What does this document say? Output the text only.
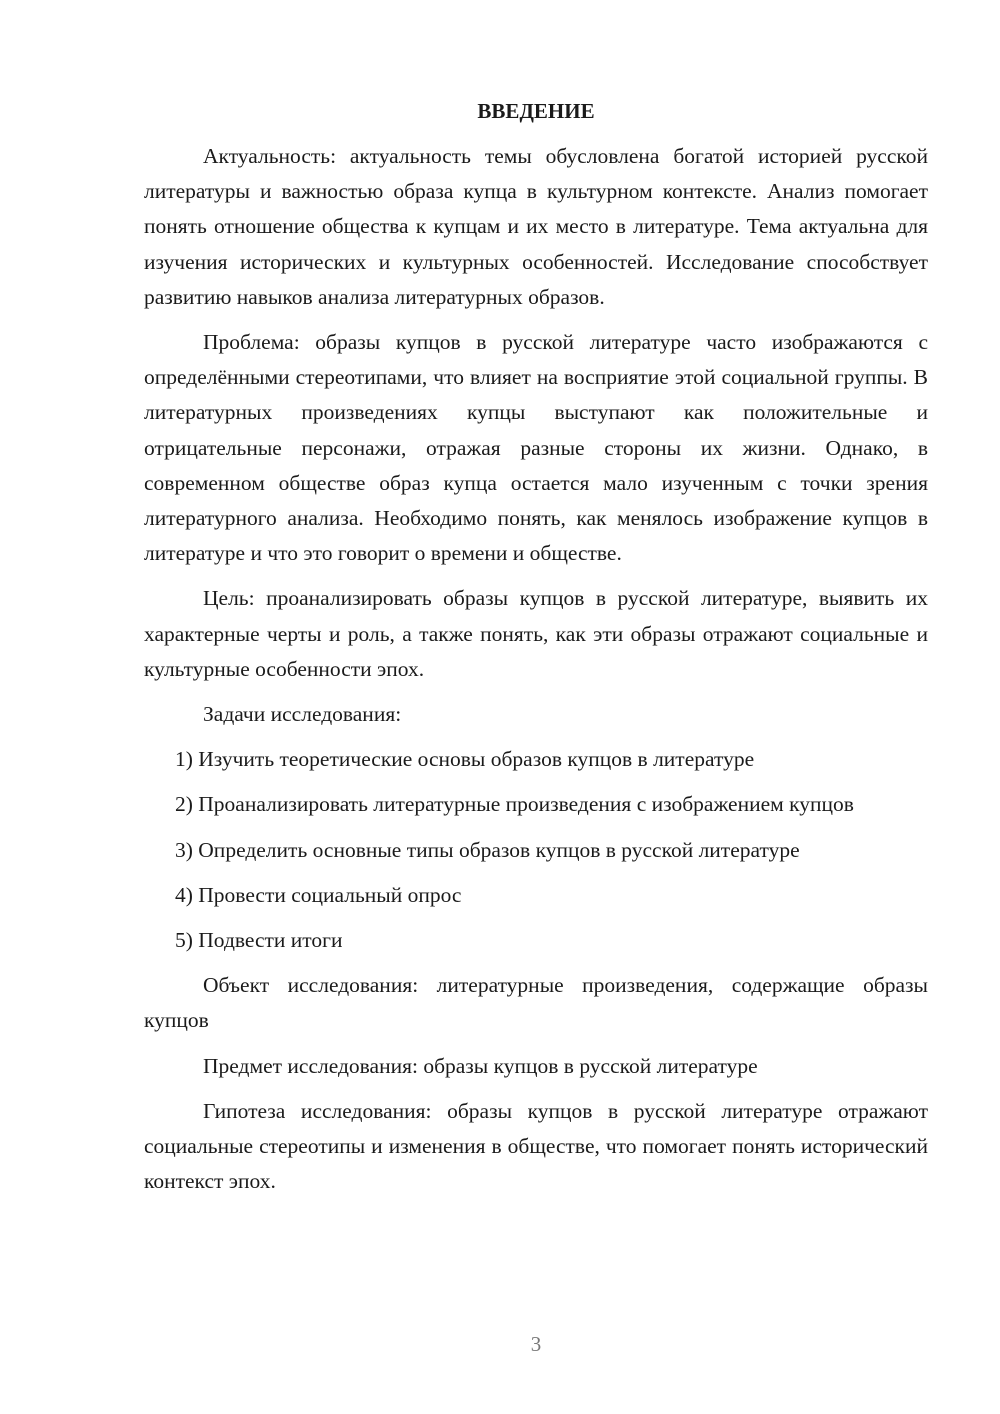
ВВЕДЕНИЕ

Актуальность: актуальность темы обусловлена богатой историей русской литературы и важностью образа купца в культурном контексте. Анализ помогает понять отношение общества к купцам и их место в литературе. Тема актуальна для изучения исторических и культурных особенностей. Исследование способствует развитию навыков анализа литературных образов.

Проблема: образы купцов в русской литературе часто изображаются с определёнными стереотипами, что влияет на восприятие этой социальной группы. В литературных произведениях купцы выступают как положительные и отрицательные персонажи, отражая разные стороны их жизни. Однако, в современном обществе образ купца остается мало изученным с точки зрения литературного анализа. Необходимо понять, как менялось изображение купцов в литературе и что это говорит о времени и обществе.

Цель: проанализировать образы купцов в русской литературе, выявить их характерные черты и роль, а также понять, как эти образы отражают социальные и культурные особенности эпох.

Задачи исследования:

1) Изучить теоретические основы образов купцов в литературе

2) Проанализировать литературные произведения с изображением купцов

3) Определить основные типы образов купцов в русской литературе

4) Провести социальный опрос

5) Подвести итоги

Объект исследования: литературные произведения, содержащие образы купцов

Предмет исследования: образы купцов в русской литературе

Гипотеза исследования: образы купцов в русской литературе отражают социальные стереотипы и изменения в обществе, что помогает понять исторический контекст эпох.

3
